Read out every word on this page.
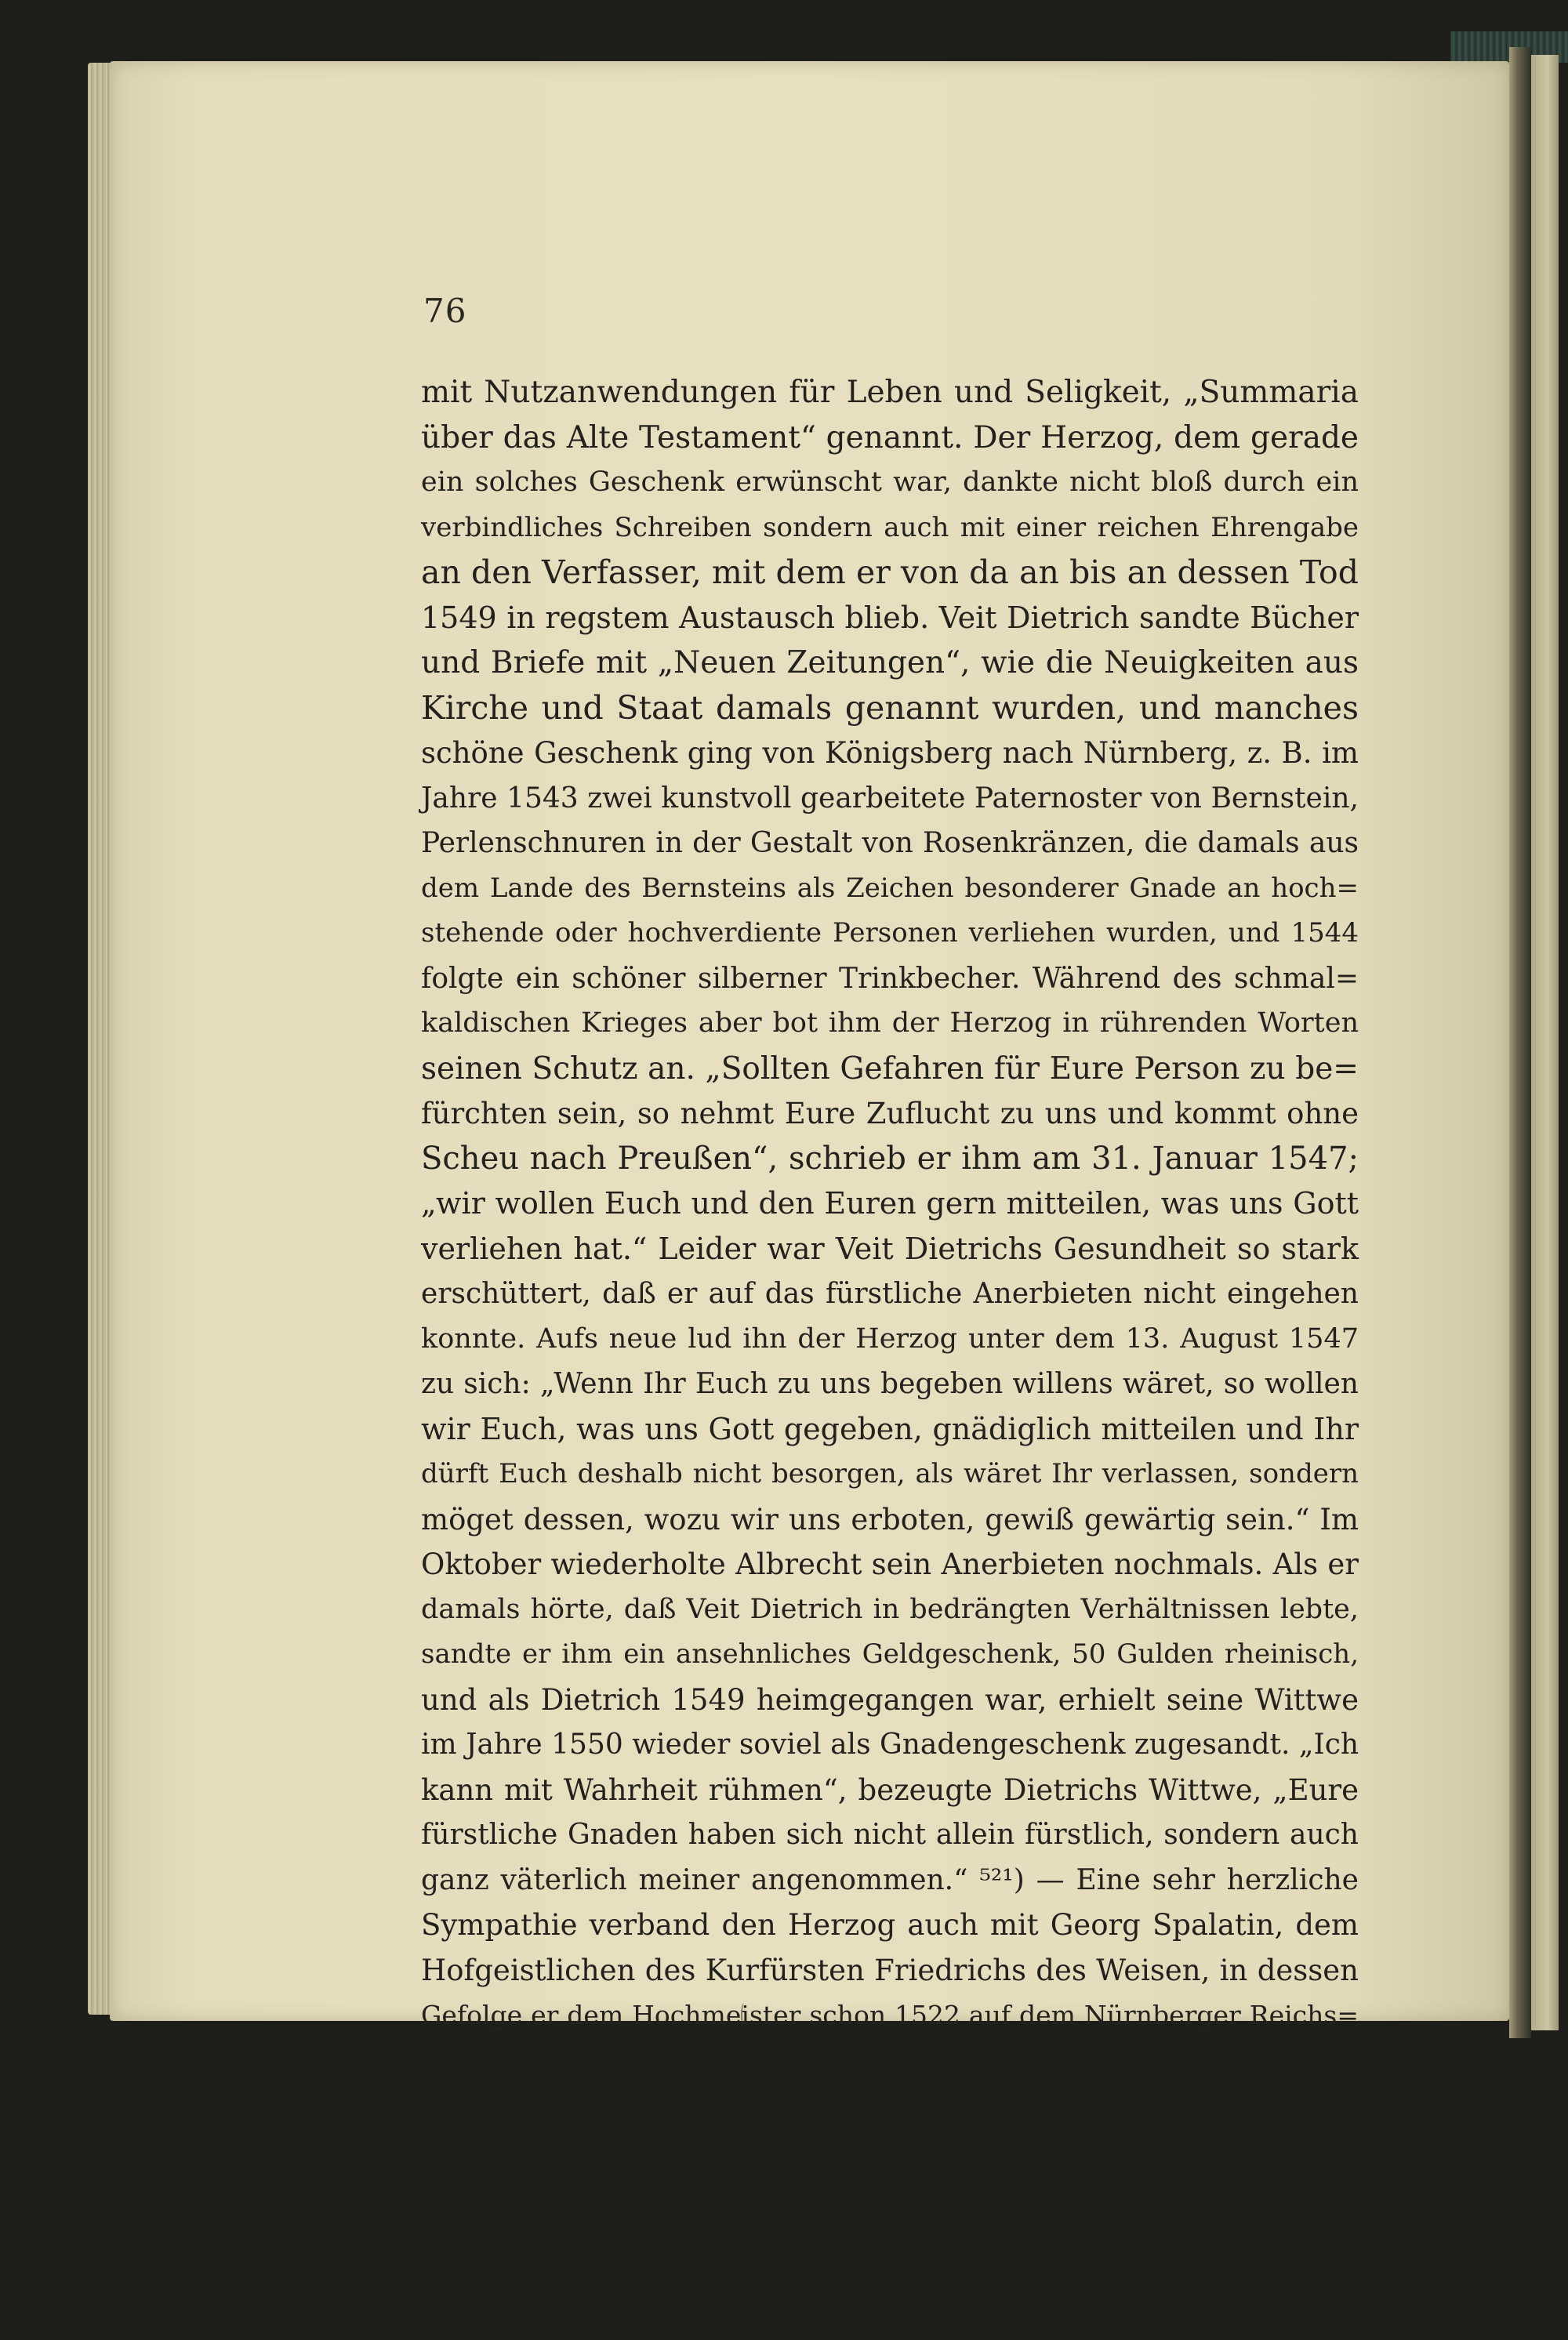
76
mit Nutzanwendungen für Leben und Seligkeit, „Summaria
über das Alte Testament“ genannt. Der Herzog, dem gerade
ein solches Geschenk erwünscht war, dankte nicht bloß durch ein
verbindliches Schreiben sondern auch mit einer reichen Ehrengabe
an den Verfasser, mit dem er von da an bis an dessen Tod
1549 in regstem Austausch blieb. Veit Dietrich sandte Bücher
und Briefe mit „Neuen Zeitungen“, wie die Neuigkeiten aus
Kirche und Staat damals genannt wurden, und manches
schöne Geschenk ging von Königsberg nach Nürnberg, z. B. im
Jahre 1543 zwei kunstvoll gearbeitete Paternoster von Bernstein,
Perlenschnuren in der Gestalt von Rosenkränzen, die damals aus
dem Lande des Bernsteins als Zeichen besonderer Gnade an hoch=
stehende oder hochverdiente Personen verliehen wurden, und 1544
folgte ein schöner silberner Trinkbecher. Während des schmal=
kaldischen Krieges aber bot ihm der Herzog in rührenden Worten
seinen Schutz an. „Sollten Gefahren für Eure Person zu be=
fürchten sein, so nehmt Eure Zuflucht zu uns und kommt ohne
Scheu nach Preußen“, schrieb er ihm am 31. Januar 1547;
„wir wollen Euch und den Euren gern mitteilen, was uns Gott
verliehen hat.“ Leider war Veit Dietrichs Gesundheit so stark
erschüttert, daß er auf das fürstliche Anerbieten nicht eingehen
konnte. Aufs neue lud ihn der Herzog unter dem 13. August 1547
zu sich: „Wenn Ihr Euch zu uns begeben willens wäret, so wollen
wir Euch, was uns Gott gegeben, gnädiglich mitteilen und Ihr
dürft Euch deshalb nicht besorgen, als wäret Ihr verlassen, sondern
möget dessen, wozu wir uns erboten, gewiß gewärtig sein.“ Im
Oktober wiederholte Albrecht sein Anerbieten nochmals. Als er
damals hörte, daß Veit Dietrich in bedrängten Verhältnissen lebte,
sandte er ihm ein ansehnliches Geldgeschenk, 50 Gulden rheinisch,
und als Dietrich 1549 heimgegangen war, erhielt seine Wittwe
im Jahre 1550 wieder soviel als Gnadengeschenk zugesandt. „Ich
kann mit Wahrheit rühmen“, bezeugte Dietrichs Wittwe, „Eure
fürstliche Gnaden haben sich nicht allein fürstlich, sondern auch
ganz väterlich meiner angenommen.“ ⁵²¹) — Eine sehr herzliche
Sympathie verband den Herzog auch mit Georg Spalatin, dem
Hofgeistlichen des Kurfürsten Friedrichs des Weisen, in dessen
Gefolge er dem Hochmeister schon 1522 auf dem Nürnberger Reichs=
